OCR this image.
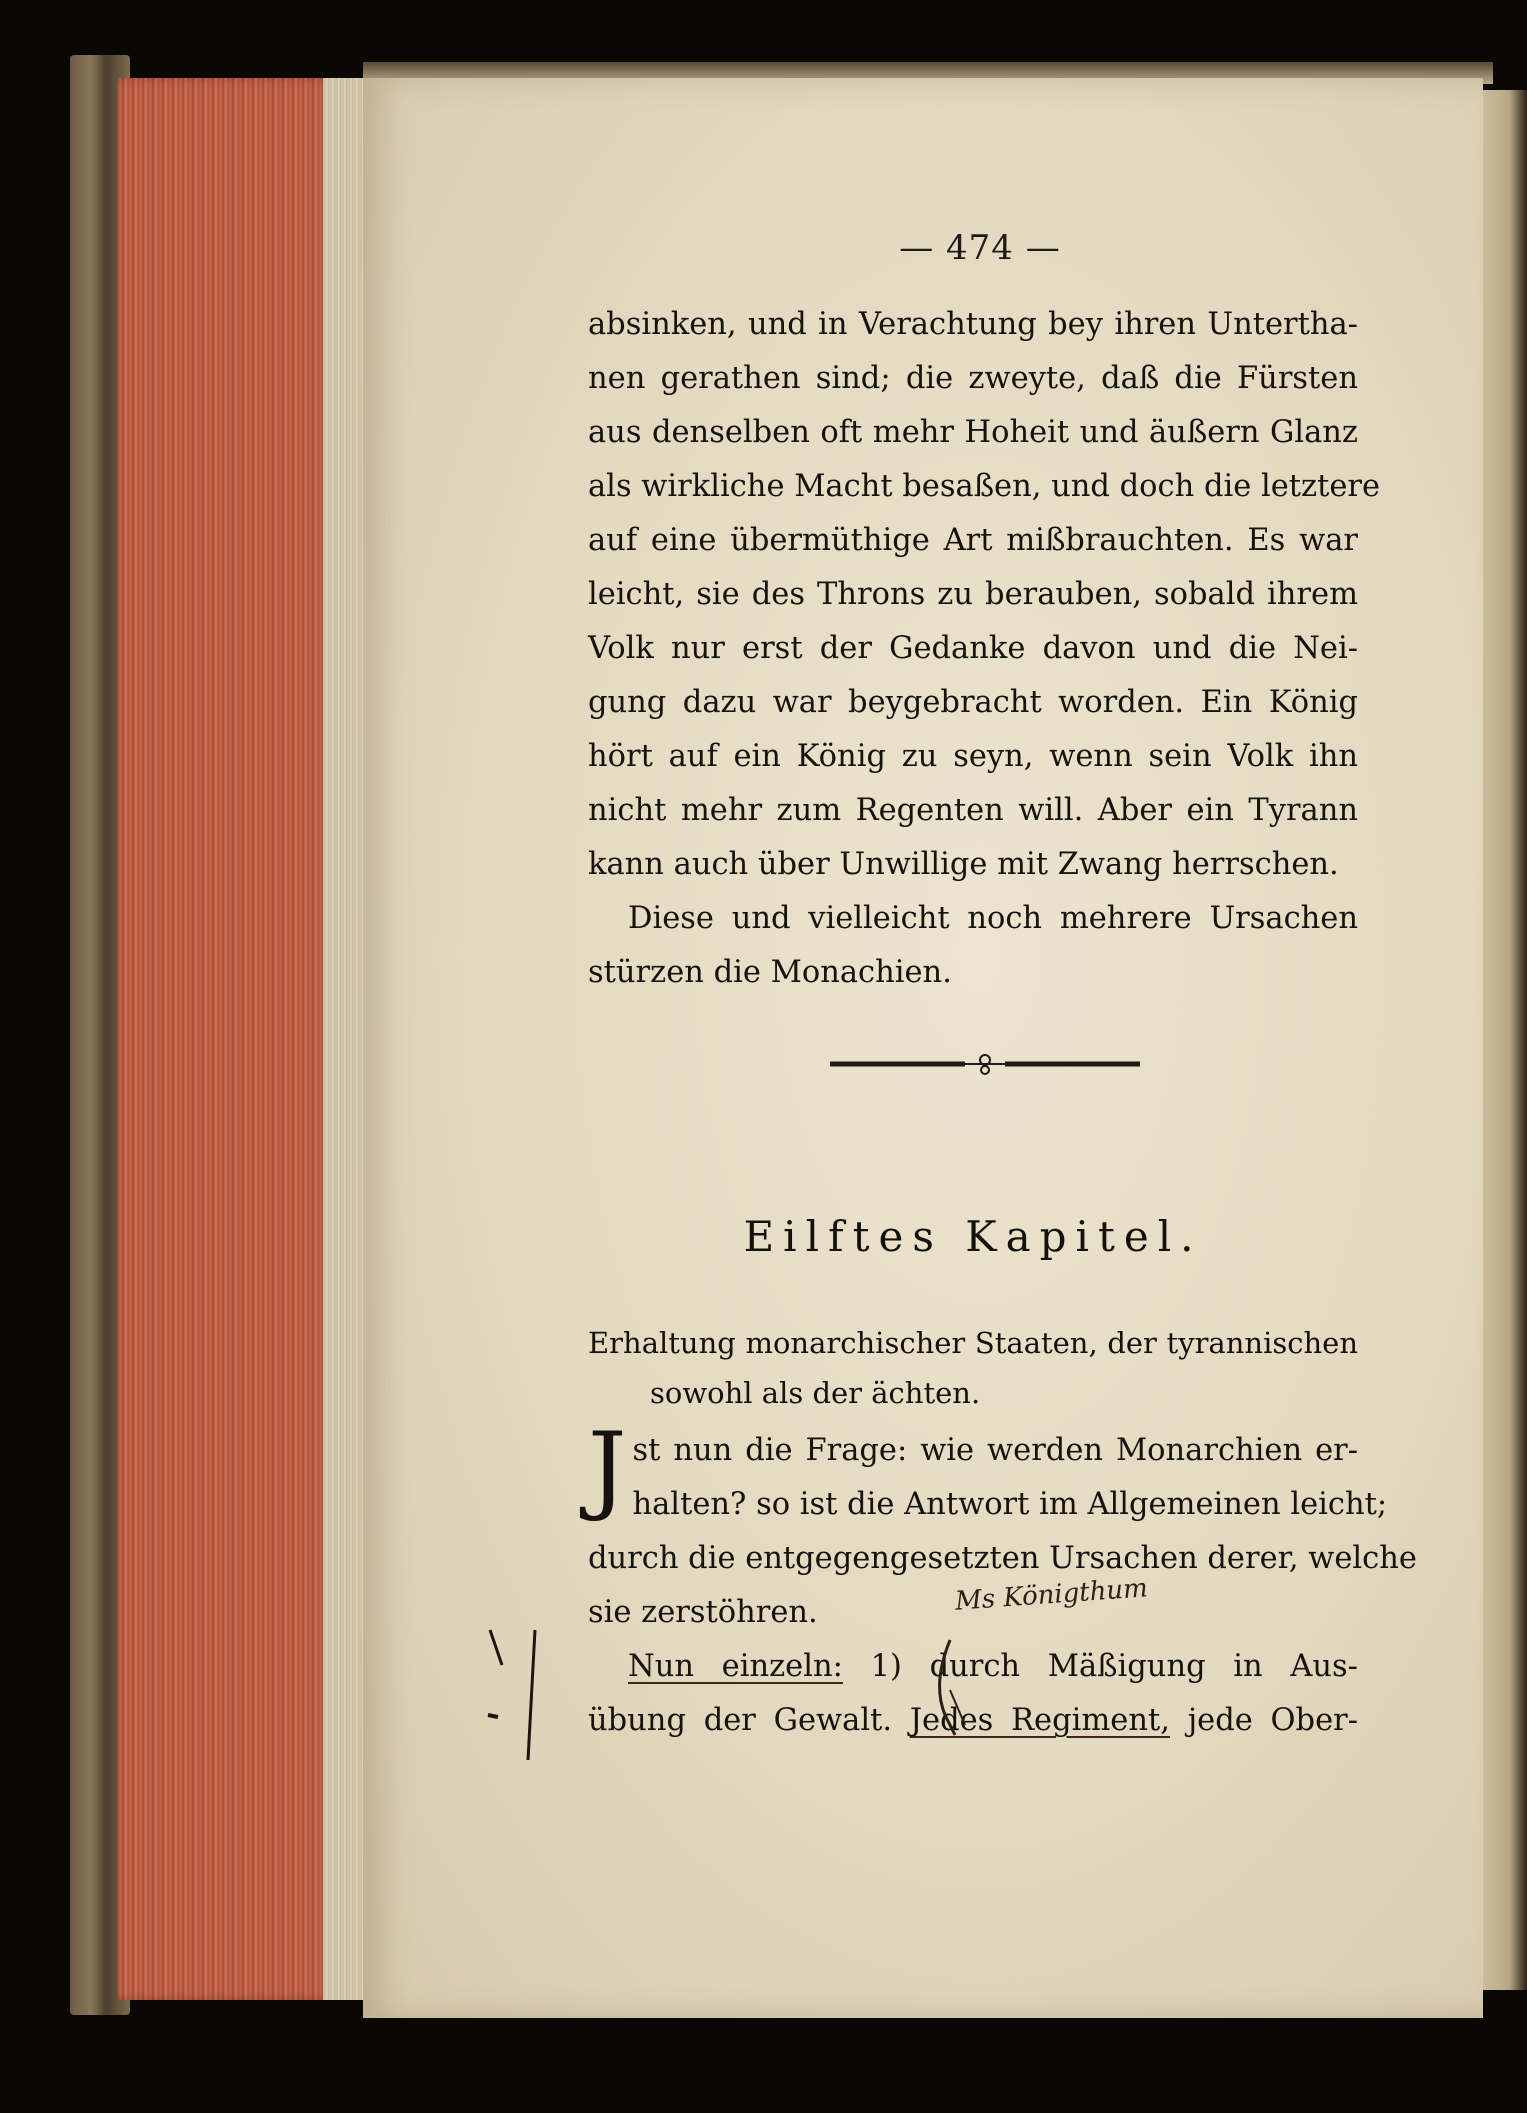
— 474 —
absinken, und in Verachtung bey ihren Untertha-
nen gerathen sind; die zweyte, daß die Fürsten
aus denselben oft mehr Hoheit und äußern Glanz
als wirkliche Macht besaßen, und doch die letztere
auf eine übermüthige Art mißbrauchten. Es war
leicht, sie des Throns zu berauben, sobald ihrem
Volk nur erst der Gedanke davon und die Nei-
gung dazu war beygebracht worden. Ein König
hört auf ein König zu seyn, wenn sein Volk ihn
nicht mehr zum Regenten will. Aber ein Tyrann
kann auch über Unwillige mit Zwang herrschen.
Diese und vielleicht noch mehrere Ursachen
stürzen die Monachien.
Eilftes Kapitel.
Erhaltung monarchischer Staaten, der tyrannischen
sowohl als der ächten.
J st nun die Frage: wie werden Monarchien er-
halten? so ist die Antwort im Allgemeinen leicht;
durch die entgegengesetzten Ursachen derer, welche
sie zerstöhren.
Nun einzeln: 1) durch Mäßigung in Aus-
übung der Gewalt. Jedes Regiment, jede Ober-
Ms Königthum
